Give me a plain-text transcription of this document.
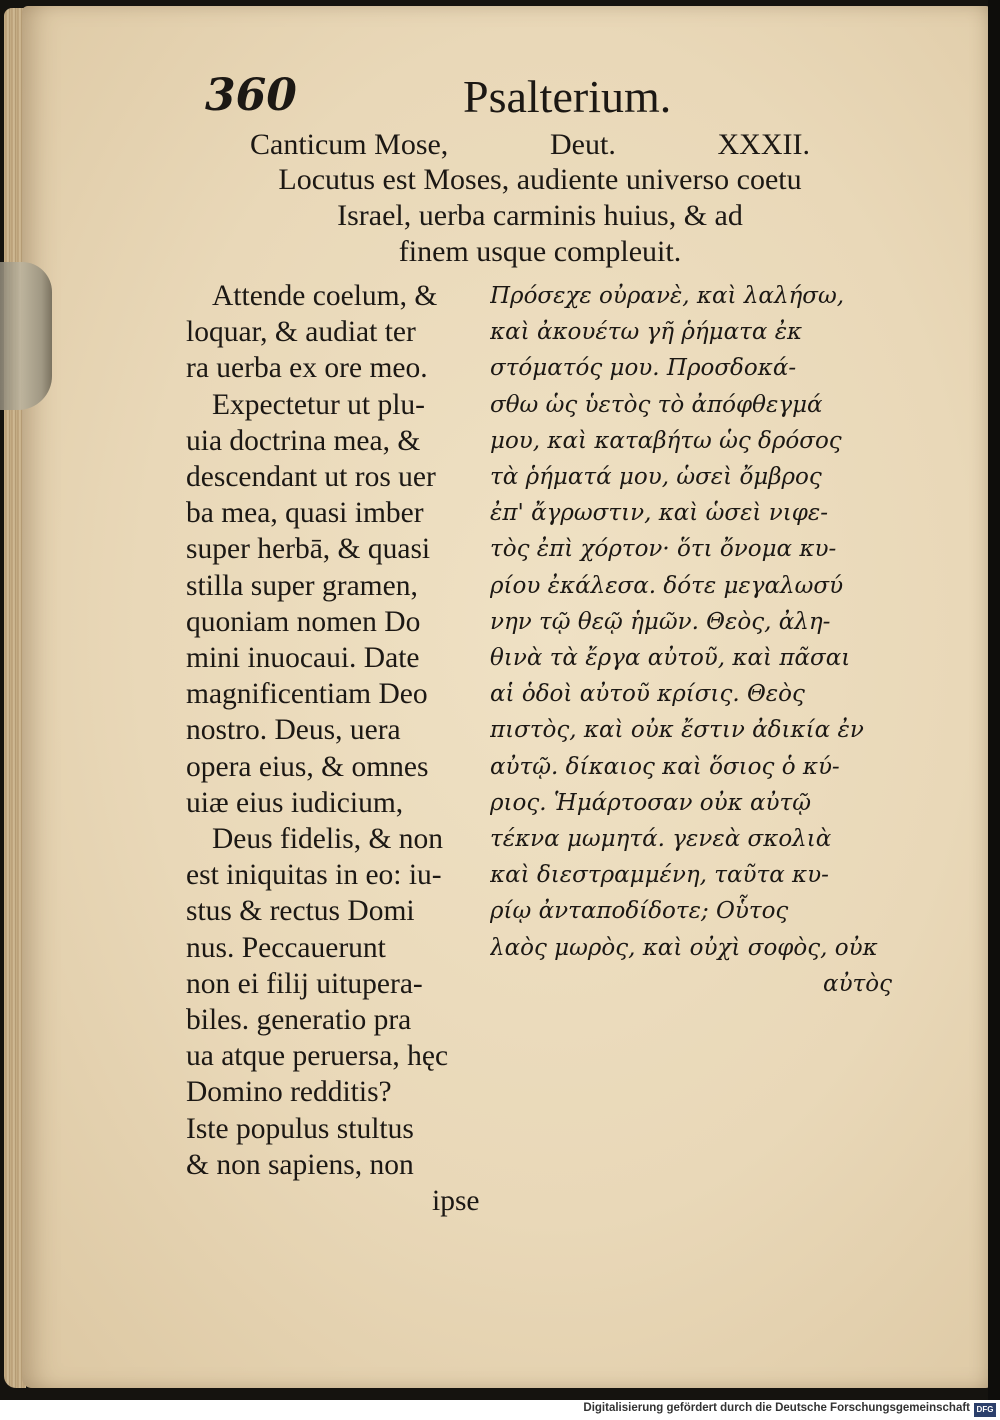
360	Psalterium.
Canticum Mose,	Deut.	XXXII.
Locutus est Moses, audiente universo coetu
Israel, uerba carminis huius, & ad
finem usque compleuit.
Attende coelum, &
loquar, & audiat ter
ra uerba ex ore meo.
Expectetur ut plu-
uia doctrina mea, &
descendant ut ros uer
ba mea, quasi imber
super herbā, & quasi
stilla super gramen,
quoniam nomen Do
mini inuocaui. Date
magnificentiam Deo
nostro. Deus, uera
opera eius, & omnes
uiæ eius iudicium,
Deus fidelis, & non
est iniquitas in eo: iu-
stus & rectus Domi
nus. Peccauerunt
non ei filij uitupera-
biles. generatio pra
ua atque peruersa, hęc
Domino redditis?
Iste populus stultus
& non sapiens, non
ipse
Πρόσεχε οὐρανὲ, καὶ λαλήσω,
καὶ ἀκουέτω γῆ ῥήματα ἐκ
στόματός μου. Προσδοκά-
σθω ὡς ὑετὸς τὸ ἀπόφθεγμά
μου, καὶ καταβήτω ὡς δρόσος
τὰ ῥήματά μου, ὡσεὶ ὄμβρος
ἐπ' ἄγρωστιν, καὶ ὡσεὶ νιφε-
τὸς ἐπὶ χόρτον· ὅτι ὄνομα κυ-
ρίου ἐκάλεσα. δότε μεγαλωσύ
νην τῷ θεῷ ἡμῶν. Θεὸς, ἀλη-
θινὰ τὰ ἔργα αὐτοῦ, καὶ πᾶσαι
αἱ ὁδοὶ αὐτοῦ κρίσις. Θεὸς
πιστὸς, καὶ οὐκ ἔστιν ἀδικία ἐν
αὐτῷ. δίκαιος καὶ ὅσιος ὁ κύ-
ριος. Ἡμάρτοσαν οὐκ αὐτῷ
τέκνα μωμητά. γενεὰ σκολιὰ
καὶ διεστραμμένη, ταῦτα κυ-
ρίῳ ἀνταποδίδοτε; Οὗτος
λαὸς μωρὸς, καὶ οὐχὶ σοφὸς, οὐκ
αὐτὸς
Digitalisierung gefördert durch die Deutsche Forschungsgemeinschaft DFG
